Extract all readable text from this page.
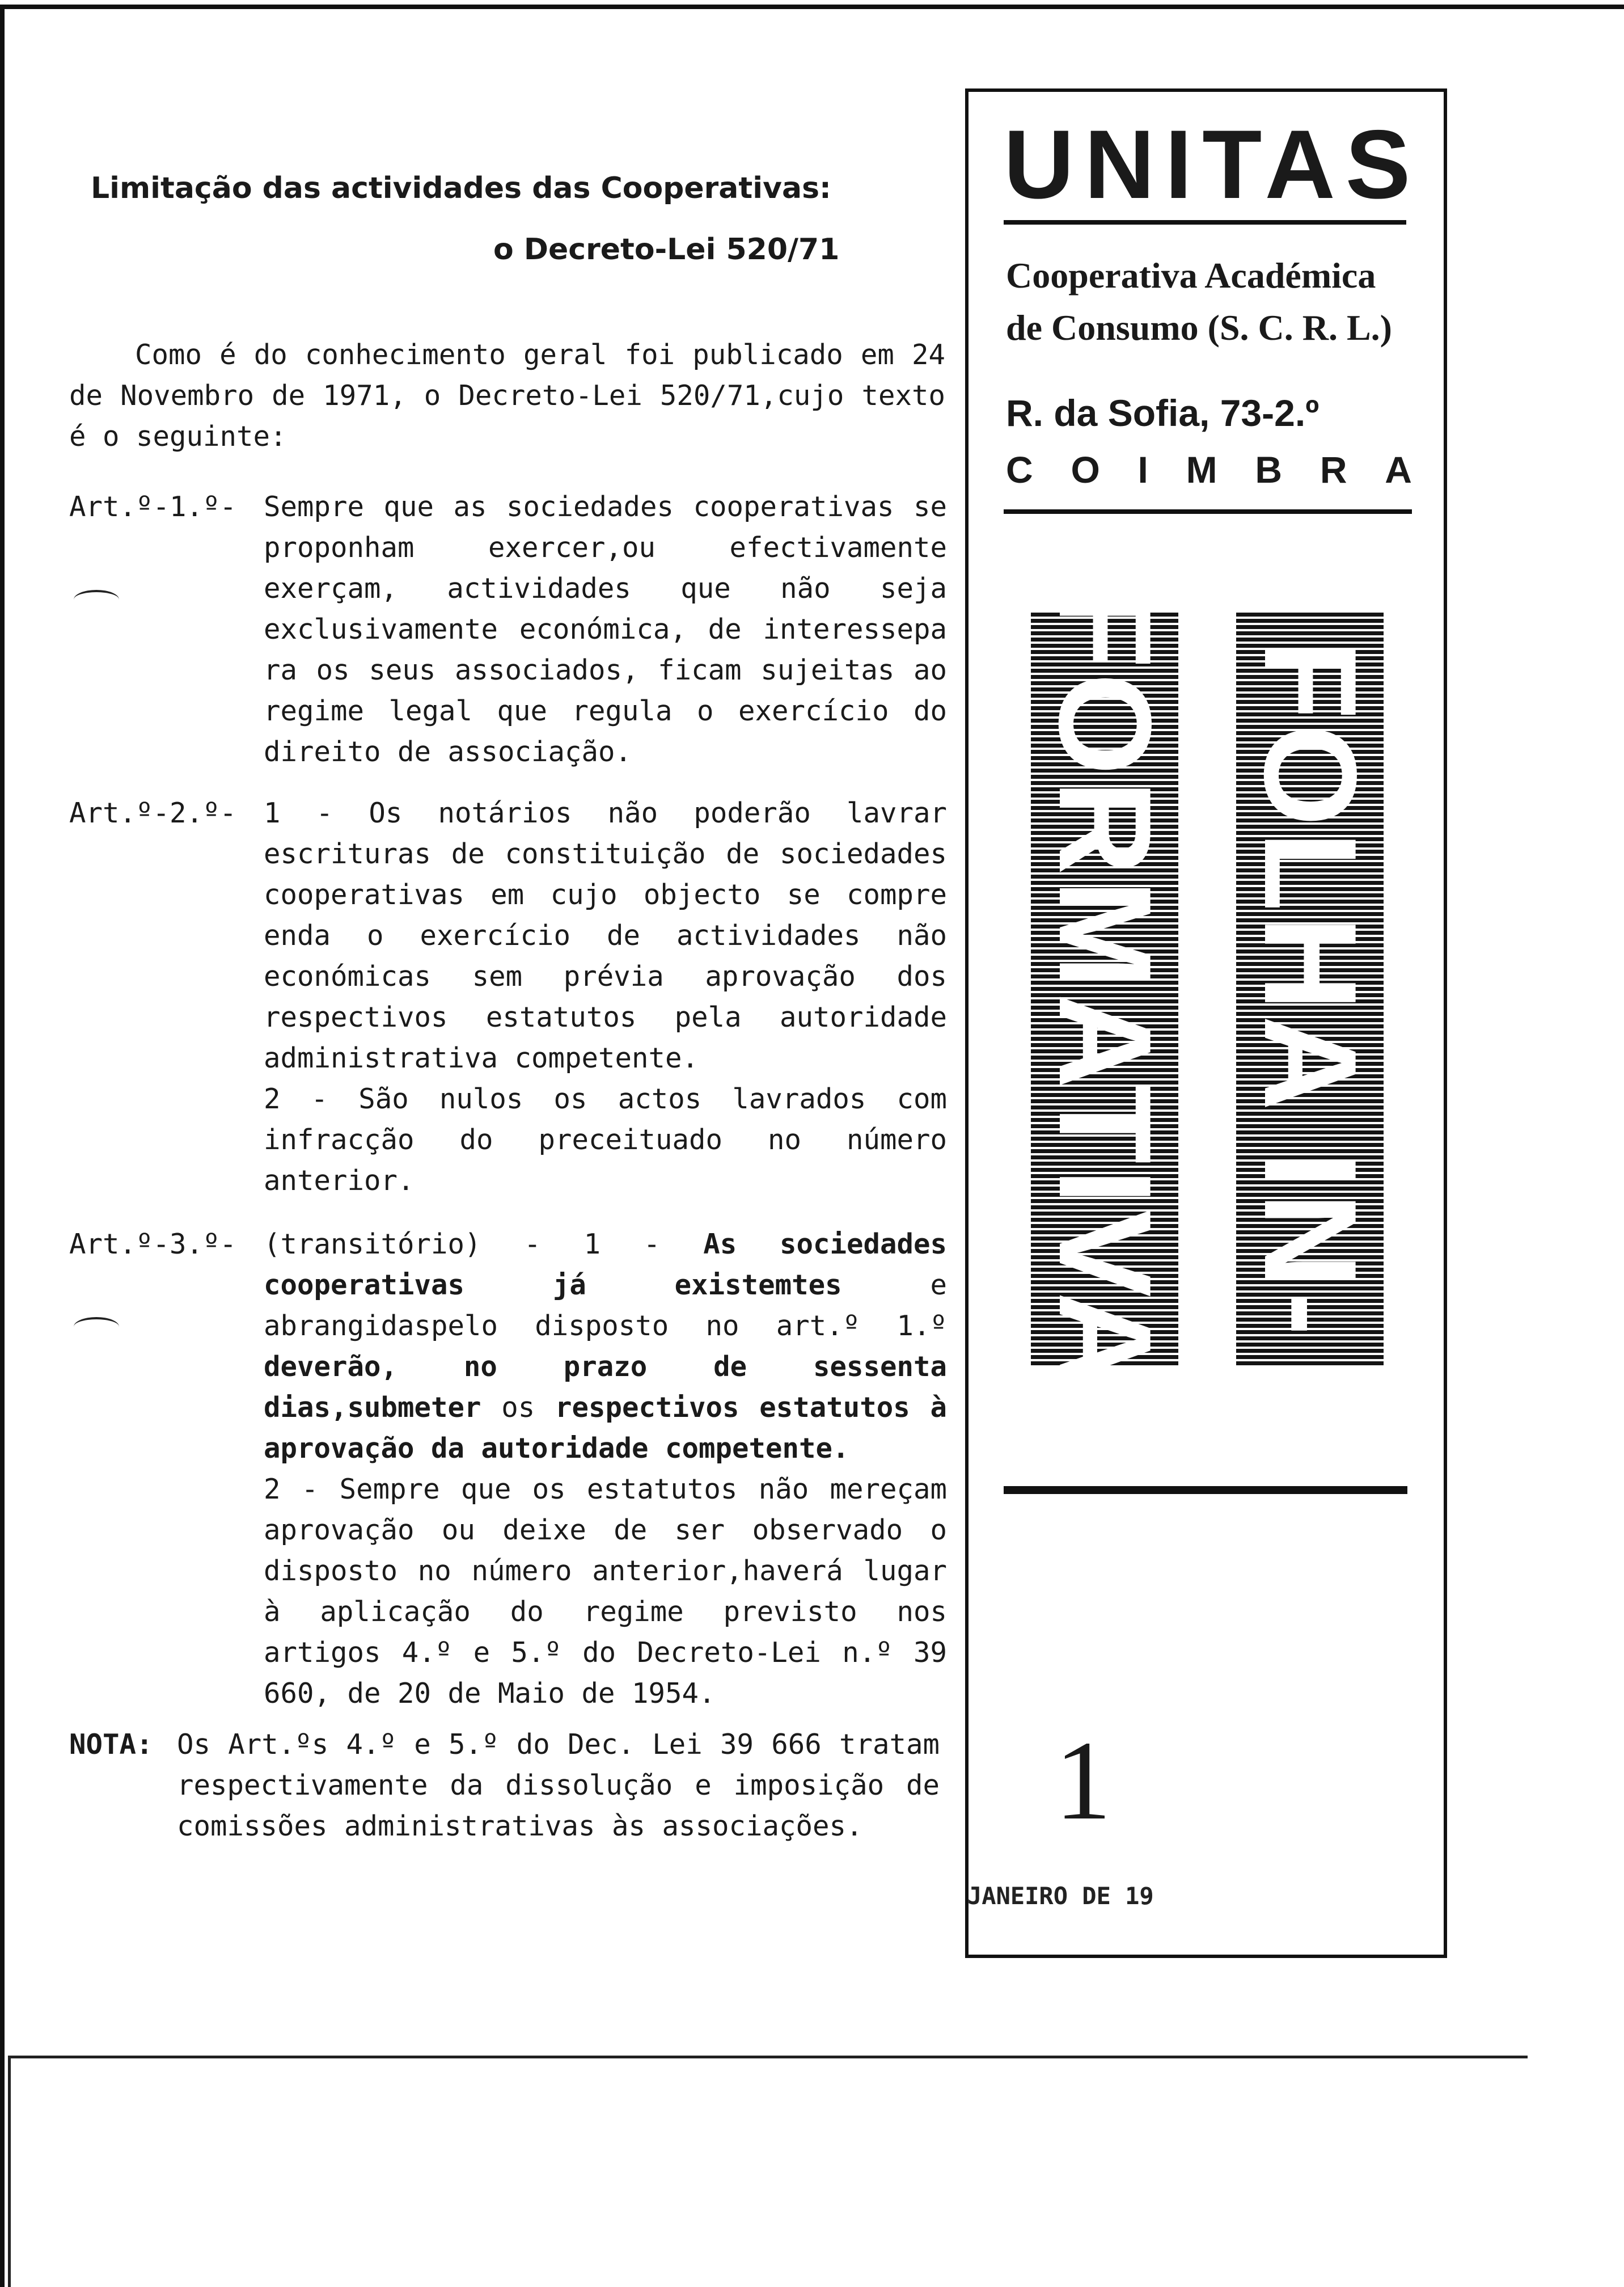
Limitação das actividades das Cooperativas:
o Decreto-Lei 520/71
Como é do conhecimento geral foi publicado em 24 de Novembro de 1971, o Decreto-Lei 520/71,cujo texto é o seguinte:
Art.º-1.º- Sempre que as sociedades cooperativas se proponham exercer,ou efectivamente exerçam, actividades que não seja exclusivamente económica, de interessepa ra os seus associados, ficam sujeitas ao regime legal que regula o exercício do direito de associação.
Art.º-2.º- 1 - Os notários não poderão lavrar escrituras de constituição de sociedades cooperativas em cujo objecto se compre enda o exercício de actividades não económicas sem prévia aprovação dos respectivos estatutos pela autoridade administrativa competente.

2 - São nulos os actos lavrados com infracção do preceituado no número anterior.

Art.º-3.º- (transitório) - 1 - As sociedades cooperativas já existemtes e abrangidaspelo disposto no art.º 1.º deverão, no prazo de sessenta dias,submeter os respectivos estatutos à aprovação da autoridade competente.

2 - Sempre que os estatutos não mereçam aprovação ou deixe de ser observado o disposto no número anterior,haverá lugar à aplicação do regime previsto nos artigos 4.º e 5.º do Decreto-Lei n.º 39 660, de 20 de Maio de 1954.

NOTA: Os Art.ºs 4.º e 5.º do Dec. Lei 39 666 tratam respectivamente da dissolução e imposição de comissões administrativas às associações.
UNITAS
Cooperativa Académica
de Consumo (S. C. R. L.)
R. da Sofia, 73-2.º
C O I M B R A
FORMATIVA FOLHA IN-
1
JANEIRO DE 19
